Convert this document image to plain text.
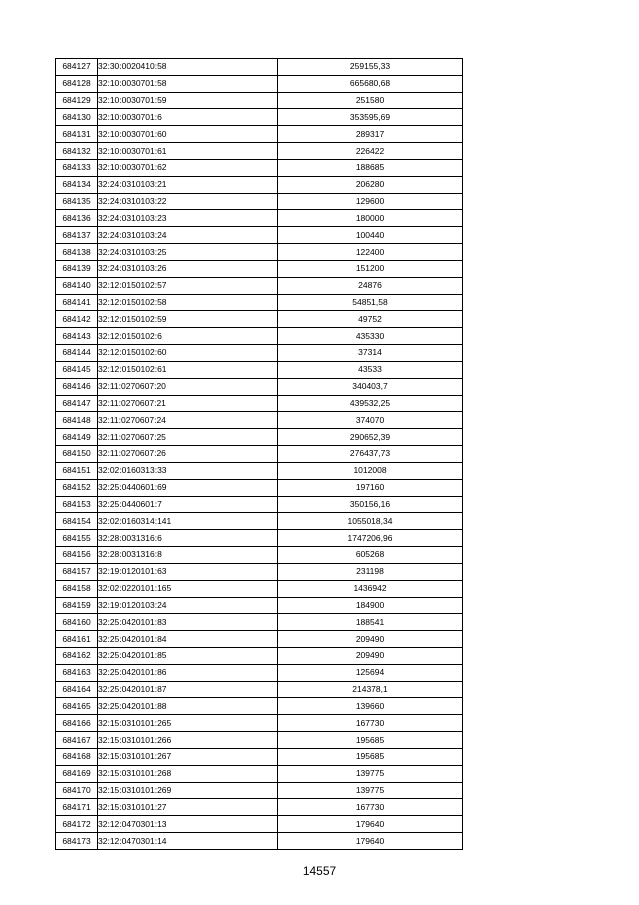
684127	32:30:0020410:58	259155,33
684128	32:10:0030701:58	665680,68
684129	32:10:0030701:59	251580
684130	32:10:0030701:6	353595,69
684131	32:10:0030701:60	289317
684132	32:10:0030701:61	226422
684133	32:10:0030701:62	188685
684134	32:24:0310103:21	206280
684135	32:24:0310103:22	129600
684136	32:24:0310103:23	180000
684137	32:24:0310103:24	100440
684138	32:24:0310103:25	122400
684139	32:24:0310103:26	151200
684140	32:12:0150102:57	24876
684141	32:12:0150102:58	54851,58
684142	32:12:0150102:59	49752
684143	32:12:0150102:6	435330
684144	32:12:0150102:60	37314
684145	32:12:0150102:61	43533
684146	32:11:0270607:20	340403,7
684147	32:11:0270607:21	439532,25
684148	32:11:0270607:24	374070
684149	32:11:0270607:25	290652,39
684150	32:11:0270607:26	276437,73
684151	32:02:0160313:33	1012008
684152	32:25:0440601:69	197160
684153	32:25:0440601:7	350156,16
684154	32:02:0160314:141	1055018,34
684155	32:28:0031316:6	1747206,96
684156	32:28:0031316:8	605268
684157	32:19:0120101:63	231198
684158	32:02:0220101:165	1436942
684159	32:19:0120103:24	184900
684160	32:25:0420101:83	188541
684161	32:25:0420101:84	209490
684162	32:25:0420101:85	209490
684163	32:25:0420101:86	125694
684164	32:25:0420101:87	214378,1
684165	32:25:0420101:88	139660
684166	32:15:0310101:265	167730
684167	32:15:0310101:266	195685
684168	32:15:0310101:267	195685
684169	32:15:0310101:268	139775
684170	32:15:0310101:269	139775
684171	32:15:0310101:27	167730
684172	32:12:0470301:13	179640
684173	32:12:0470301:14	179640
14557
